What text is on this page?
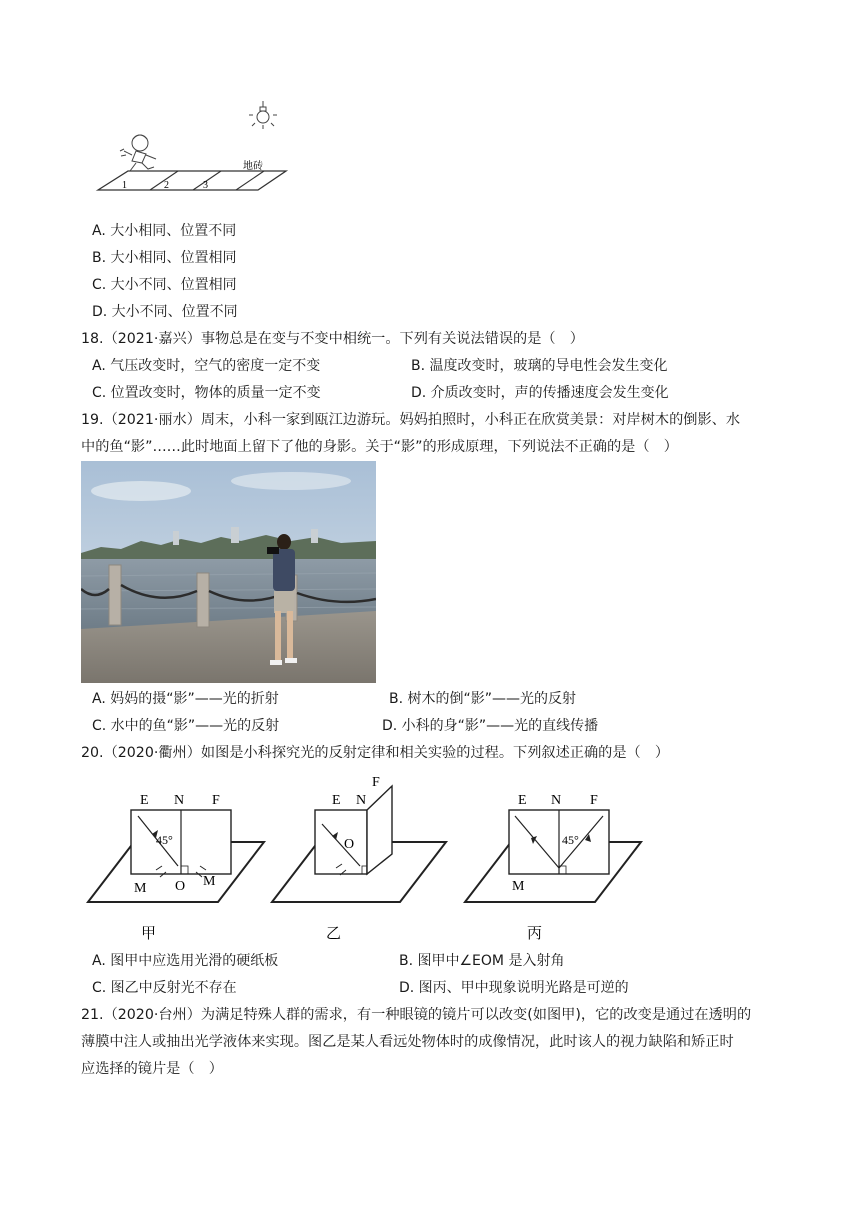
1	2	3
地砖
A. 大小相同、位置不同
B. 大小相同、位置相同
C. 大小不同、位置相同
D. 大小不同、位置不同
18.（2021·嘉兴）事物总是在变与不变中相统一。下列有关说法错误的是（　）
A. 气压改变时，空气的密度一定不变	B. 温度改变时，玻璃的导电性会发生变化
C. 位置改变时，物体的质量一定不变	D. 介质改变时，声的传播速度会发生变化
19.（2021·丽水）周末，小科一家到瓯江边游玩。妈妈拍照时，小科正在欣赏美景：对岸树木的倒影、水
中的鱼“影”……此时地面上留下了他的身影。关于“影”的形成原理，下列说法不正确的是（　）
A. 妈妈的摄“影”——光的折射	B. 树木的倒“影”——光的反射
C. 水中的鱼“影”——光的反射	D. 小科的身“影”——光的直线传播
20.（2020·衢州）如图是小科探究光的反射定律和相关实验的过程。下列叙述正确的是（　）
E N F
45°
O
M	M
甲
E N
F
O
乙
E N F
45°
M
丙
A. 图甲中应选用光滑的硬纸板	B. 图甲中∠EOM 是入射角
C. 图乙中反射光不存在	D. 图丙、甲中现象说明光路是可逆的
21.（2020·台州）为满足特殊人群的需求，有一种眼镜的镜片可以改变(如图甲)，它的改变是通过在透明的
薄膜中注人或抽出光学液体来实现。图乙是某人看远处物体时的成像情况，此时该人的视力缺陷和矫正时
应选择的镜片是（　）
